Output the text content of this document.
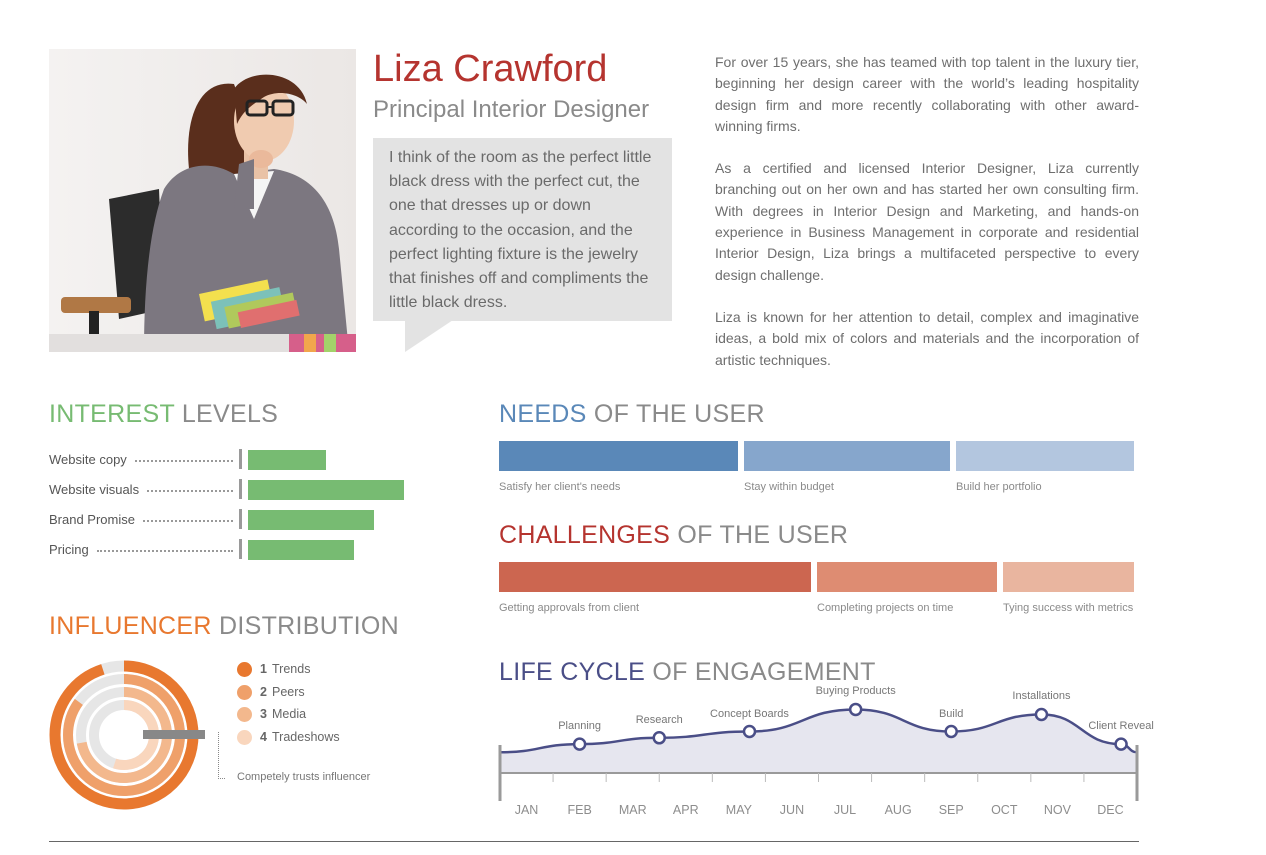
Liza Crawford
Principal Interior Designer
I think of the room as the perfect little black dress with the perfect cut, the one that dresses up or down according to the occasion, and the perfect lighting fixture is the jewelry that finishes off and compliments the little black dress.

For over 15 years, she has teamed with top talent in the luxury tier, beginning her design career with the world’s leading hospitality design firm and more recently collaborating with other award-winning firms.

As a certified and licensed Interior Designer, Liza currently branching out on her own and has started her own consulting firm. With degrees in Interior Design and Marketing, and hands-on experience in Business Management in corporate and residential Interior Design, Liza brings a multifaceted perspective to every design challenge.

Liza is known for her attention to detail, complex and imaginative ideas, a bold mix of colors and materials and the incorporation of artistic techniques.

INTEREST LEVELS
Website copy
Website visuals
Brand Promise
Pricing
INFLUENCER DISTRIBUTION
1 Trends
2 Peers
3 Media
4 Tradeshows
Competely trusts influencer
NEEDS OF THE USER
Satisfy her client's needs	Stay within budget	Build her portfolio
CHALLENGES OF THE USER
Getting approvals from client	Completing projects on time	Tying success with metrics
LIFE CYCLE OF ENGAGEMENT
JAN	FEB	MAR	APR	MAY	JUN	JUL	AUG	SEP	OCT	NOV	DEC
Planning
Research
Concept Boards
Buying Products
Build
Installations
Client Reveal
